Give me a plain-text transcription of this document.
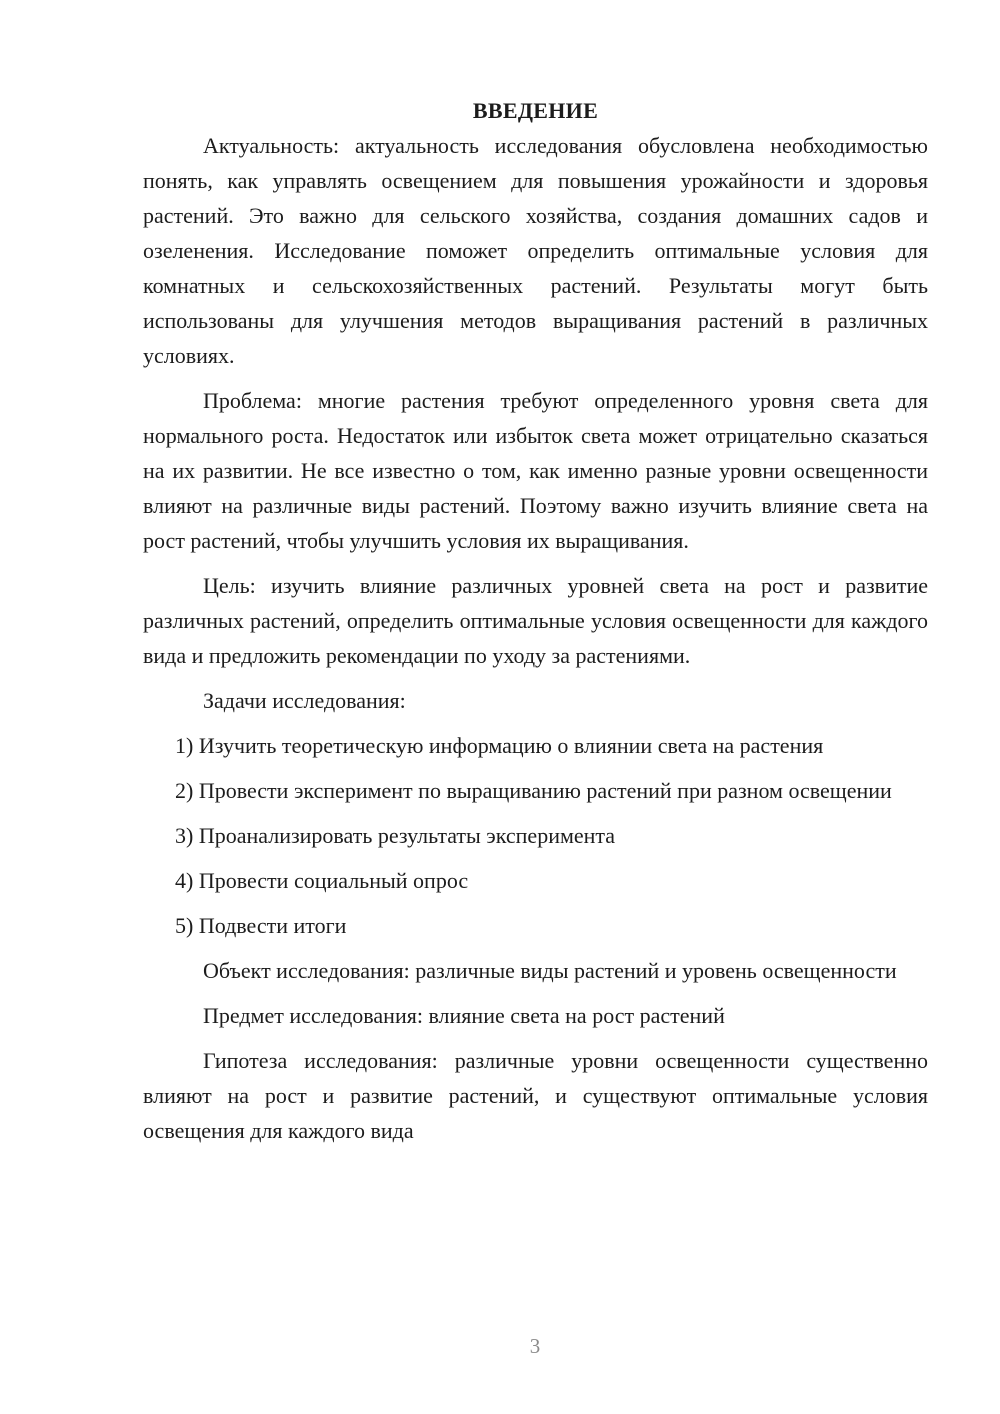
ВВЕДЕНИЕ

Актуальность: актуальность исследования обусловлена необходимостью понять, как управлять освещением для повышения урожайности и здоровья растений. Это важно для сельского хозяйства, создания домашних садов и озеленения. Исследование поможет определить оптимальные условия для комнатных и сельскохозяйственных растений. Результаты могут быть использованы для улучшения методов выращивания растений в различных условиях.

Проблема: многие растения требуют определенного уровня света для нормального роста. Недостаток или избыток света может отрицательно сказаться на их развитии. Не все известно о том, как именно разные уровни освещенности влияют на различные виды растений. Поэтому важно изучить влияние света на рост растений, чтобы улучшить условия их выращивания.

Цель: изучить влияние различных уровней света на рост и развитие различных растений, определить оптимальные условия освещенности для каждого вида и предложить рекомендации по уходу за растениями.

Задачи исследования:

1) Изучить теоретическую информацию о влиянии света на растения

2) Провести эксперимент по выращиванию растений при разном освещении

3) Проанализировать результаты эксперимента

4) Провести социальный опрос

5) Подвести итоги

Объект исследования: различные виды растений и уровень освещенности

Предмет исследования: влияние света на рост растений

Гипотеза исследования: различные уровни освещенности существенно влияют на рост и развитие растений, и существуют оптимальные условия освещения для каждого вида

3
